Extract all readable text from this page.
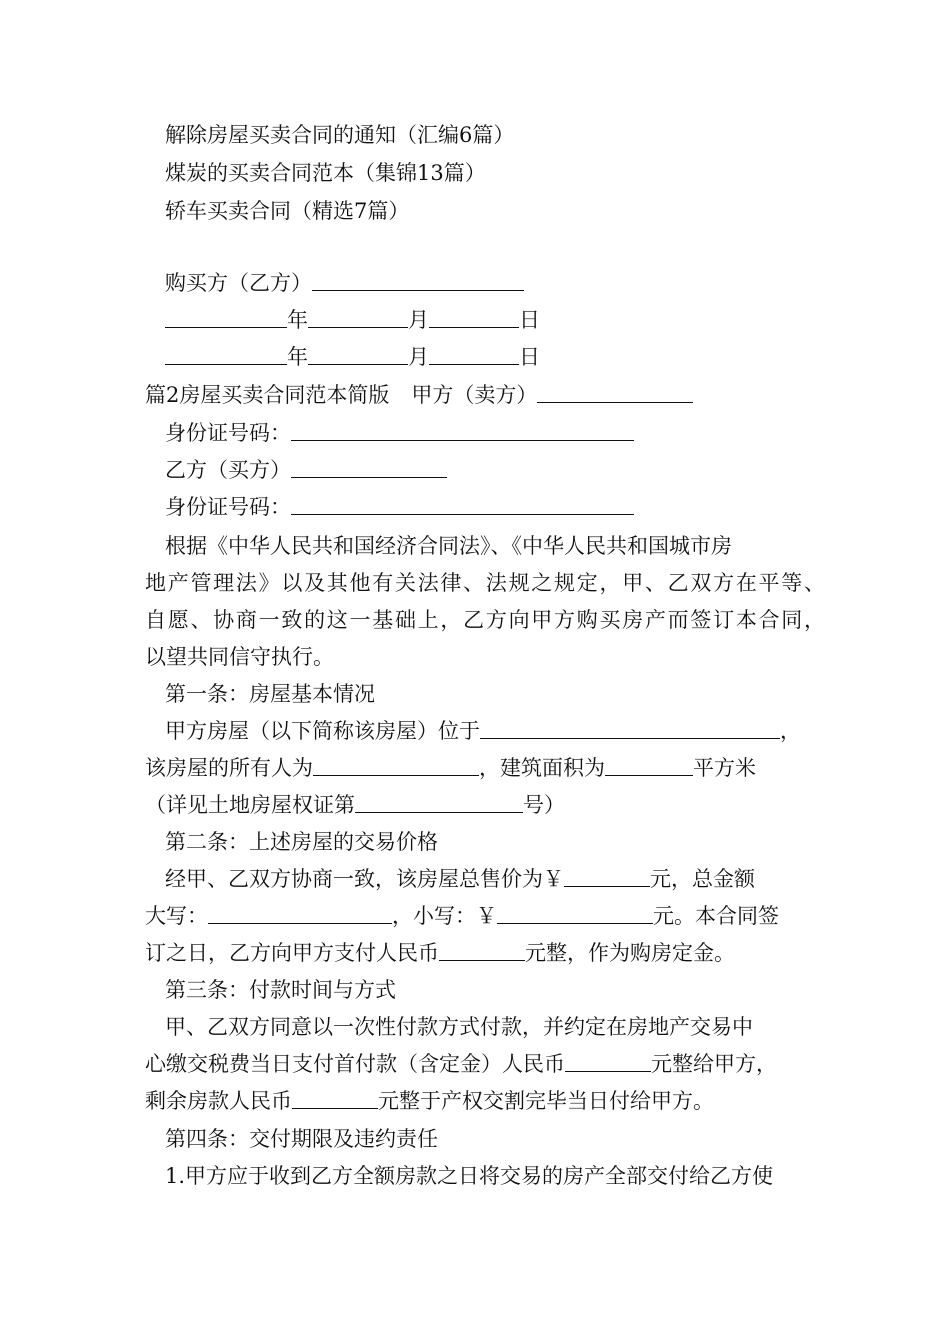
解除房屋买卖合同的通知（汇编6篇）
煤炭的买卖合同范本（集锦13篇）
轿车买卖合同（精选7篇）
购买方（乙方）
年	月	日
年	月	日
篇2房屋买卖合同范本简版 甲方（卖方）
身份证号码：
乙方（买方）
身份证号码：
根据《中华人民共和国经济合同法》、《中华人民共和国城市房
地产管理法》以及其他有关法律、法规之规定，甲、乙双方在平等、
自愿、协商一致的这一基础上，乙方向甲方购买房产而签订本合同，
以望共同信守执行。
第一条：房屋基本情况
甲方房屋（以下简称该房屋）位于	，
该房屋的所有人为	，建筑面积为	平方米
（详见土地房屋权证第	号）
第二条：上述房屋的交易价格
经甲、乙双方协商一致，该房屋总售价为￥	元，总金额
大写：	，小写：￥	元。本合同签
订之日，乙方向甲方支付人民币	元整，作为购房定金。
第三条：付款时间与方式
甲、乙双方同意以一次性付款方式付款，并约定在房地产交易中
心缴交税费当日支付首付款（含定金）人民币	元整给甲方，
剩余房款人民币	元整于产权交割完毕当日付给甲方。
第四条：交付期限及违约责任
1.甲方应于收到乙方全额房款之日将交易的房产全部交付给乙方使
